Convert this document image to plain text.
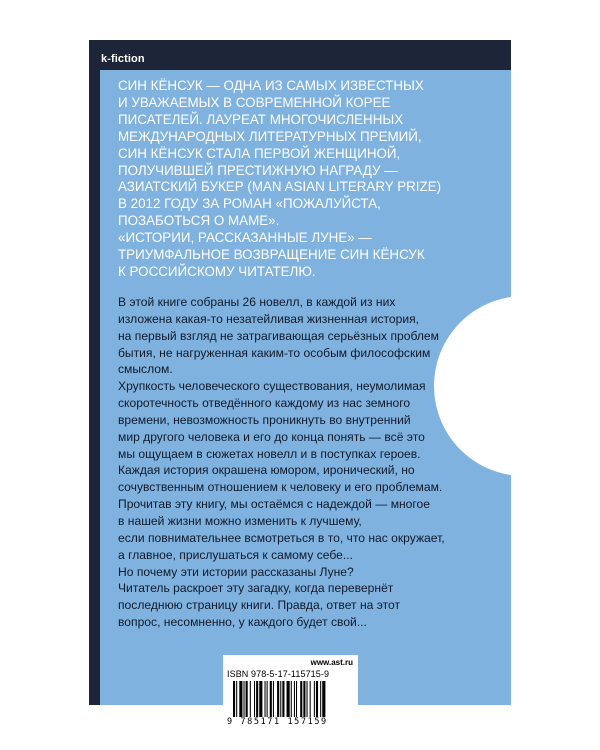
k-fiction
СИН КЁНСУК — ОДНА ИЗ САМЫХ ИЗВЕСТНЫХ
И УВАЖАЕМЫХ В СОВРЕМЕННОЙ КОРЕЕ
ПИСАТЕЛЕЙ. ЛАУРЕАТ МНОГОЧИСЛЕННЫХ
МЕЖДУНАРОДНЫХ ЛИТЕРАТУРНЫХ ПРЕМИЙ,
СИН КЁНСУК СТАЛА ПЕРВОЙ ЖЕНЩИНОЙ,
ПОЛУЧИВШЕЙ ПРЕСТИЖНУЮ НАГРАДУ —
АЗИАТСКИЙ БУКЕР (MAN ASIAN LITERARY PRIZE)
В 2012 ГОДУ ЗА РОМАН «ПОЖАЛУЙСТА,
ПОЗАБОТЬСЯ О МАМЕ».
«ИСТОРИИ, РАССКАЗАННЫЕ ЛУНЕ» —
ТРИУМФАЛЬНОЕ ВОЗВРАЩЕНИЕ СИН КЁНСУК
К РОССИЙСКОМУ ЧИТАТЕЛЮ.
В этой книге собраны 26 новелл, в каждой из них
изложена какая-то незатейливая жизненная история,
на первый взгляд не затрагивающая серьёзных проблем
бытия, не нагруженная каким-то особым философским
смыслом.
Хрупкость человеческого существования, неумолимая
скоротечность отведённого каждому из нас земного
времени, невозможность проникнуть во внутренний
мир другого человека и его до конца понять — всё это
мы ощущаем в сюжетах новелл и в поступках героев.
Каждая история окрашена юмором, иронический, но
сочувственным отношением к человеку и его проблемам.
Прочитав эту книгу, мы остаёмся с надеждой — многое
в нашей жизни можно изменить к лучшему,
если повнимательнее всмотреться в то, что нас окружает,
а главное, прислушаться к самому себе...
Но почему эти истории рассказаны Луне?
Читатель раскроет эту загадку, когда перевернёт
последнюю страницу книги. Правда, ответ на этот
вопрос, несомненно, у каждого будет свой...
www.ast.ru
ISBN 978-5-17-115715-9
9 785171 157159
